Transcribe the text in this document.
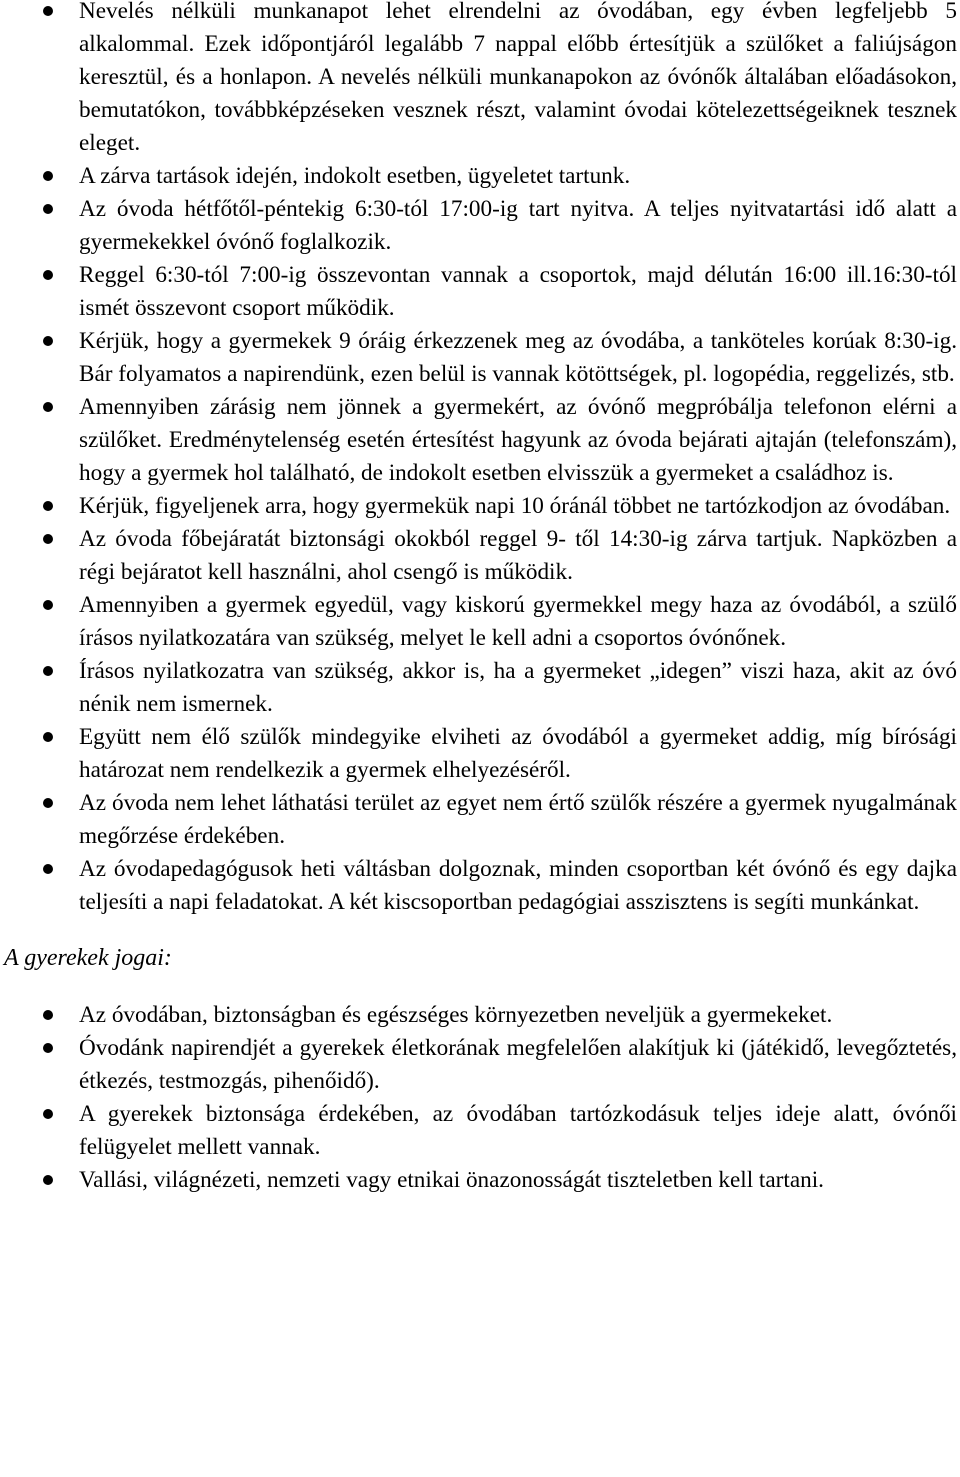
Nevelés nélküli munkanapot lehet elrendelni az óvodában, egy évben legfeljebb 5 alkalommal. Ezek időpontjáról legalább 7 nappal előbb értesítjük a szülőket a faliújságon keresztül, és a honlapon. A nevelés nélküli munkanapokon az óvónők általában előadásokon, bemutatókon, továbbképzéseken vesznek részt, valamint óvodai kötelezettségeiknek tesznek eleget.
A zárva tartások idején, indokolt esetben, ügyeletet tartunk.
Az óvoda hétfőtől-péntekig 6:30-tól 17:00-ig tart nyitva. A teljes nyitvatartási idő alatt a gyermekekkel óvónő foglalkozik.
Reggel 6:30-tól 7:00-ig összevontan vannak a csoportok, majd délután 16:00 ill.16:30-tól ismét összevont csoport működik.
Kérjük, hogy a gyermekek 9 óráig érkezzenek meg az óvodába, a tanköteles korúak 8:30-ig. Bár folyamatos a napirendünk, ezen belül is vannak kötöttségek, pl. logopédia, reggelizés, stb.
Amennyiben zárásig nem jönnek a gyermekért, az óvónő megpróbálja telefonon elérni a szülőket. Eredménytelenség esetén értesítést hagyunk az óvoda bejárati ajtaján (telefonszám), hogy a gyermek hol található, de indokolt esetben elvisszük a gyermeket a családhoz is.
Kérjük, figyeljenek arra, hogy gyermekük napi 10 óránál többet ne tartózkodjon az óvodában.
Az óvoda főbejáratát biztonsági okokból reggel 9- től 14:30-ig zárva tartjuk. Napközben a régi bejáratot kell használni, ahol csengő is működik.
Amennyiben a gyermek egyedül, vagy kiskorú gyermekkel megy haza az óvodából, a szülő írásos nyilatkozatára van szükség, melyet le kell adni a csoportos óvónőnek.
Írásos nyilatkozatra van szükség, akkor is, ha a gyermeket „idegen” viszi haza, akit az óvó nénik nem ismernek.
Együtt nem élő szülők mindegyike elviheti az óvodából a gyermeket addig, míg bírósági határozat nem rendelkezik a gyermek elhelyezéséről.
Az óvoda nem lehet láthatási terület az egyet nem értő szülők részére a gyermek nyugalmának megőrzése érdekében.
Az óvodapedagógusok heti váltásban dolgoznak, minden csoportban két óvónő és egy dajka teljesíti a napi feladatokat. A két kiscsoportban pedagógiai asszisztens is segíti munkánkat.
A gyerekek jogai:
Az óvodában, biztonságban és egészséges környezetben neveljük a gyermekeket.
Óvodánk napirendjét a gyerekek életkorának megfelelően alakítjuk ki (játékidő, levegőztetés, étkezés, testmozgás, pihenőidő).
A gyerekek biztonsága érdekében, az óvodában tartózkodásuk teljes ideje alatt, óvónői felügyelet mellett vannak.
Vallási, világnézeti, nemzeti vagy etnikai önazonosságát tiszteletben kell tartani.
